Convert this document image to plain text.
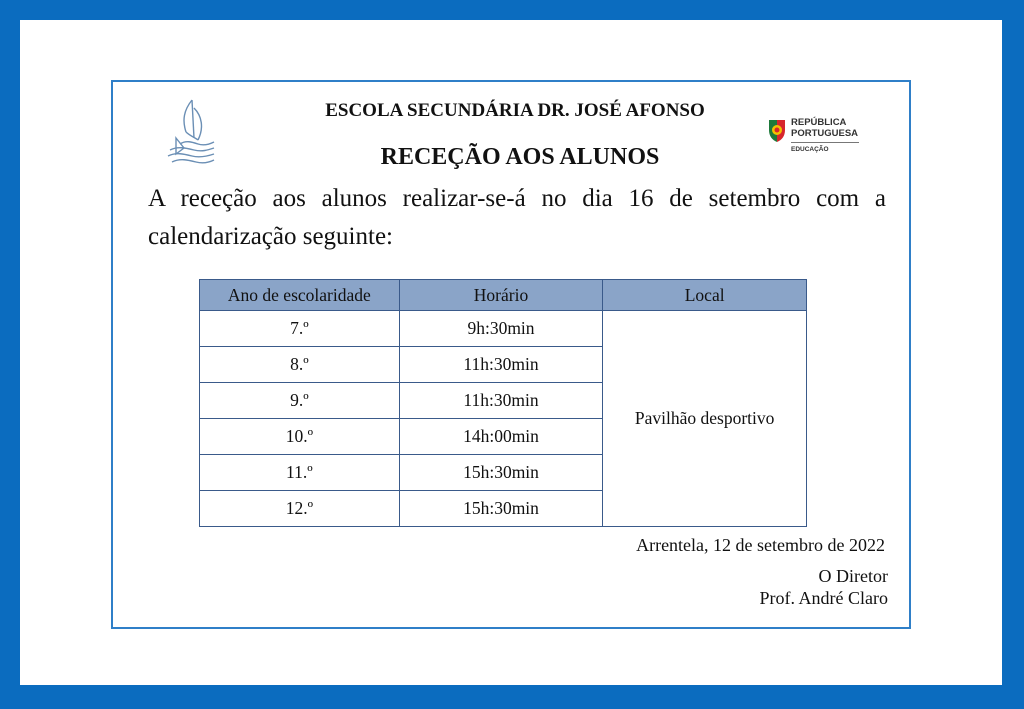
ESCOLA SECUNDÁRIA DR. JOSÉ AFONSO
REPÚBLICA
PORTUGUESA
EDUCAÇÃO
RECEÇÃO AOS ALUNOS
A receção aos alunos realizar-se-á no dia 16 de setembro com a calendarização seguinte:
Ano de escolaridade	Horário	Local
7.º	9h:30min	Pavilhão desportivo
8.º	11h:30min	
9.º	11h:30min	
10.º	14h:00min	
11.º	15h:30min	
12.º	15h:30min	
Arrentela, 12 de setembro de 2022
O Diretor
Prof. André Claro
